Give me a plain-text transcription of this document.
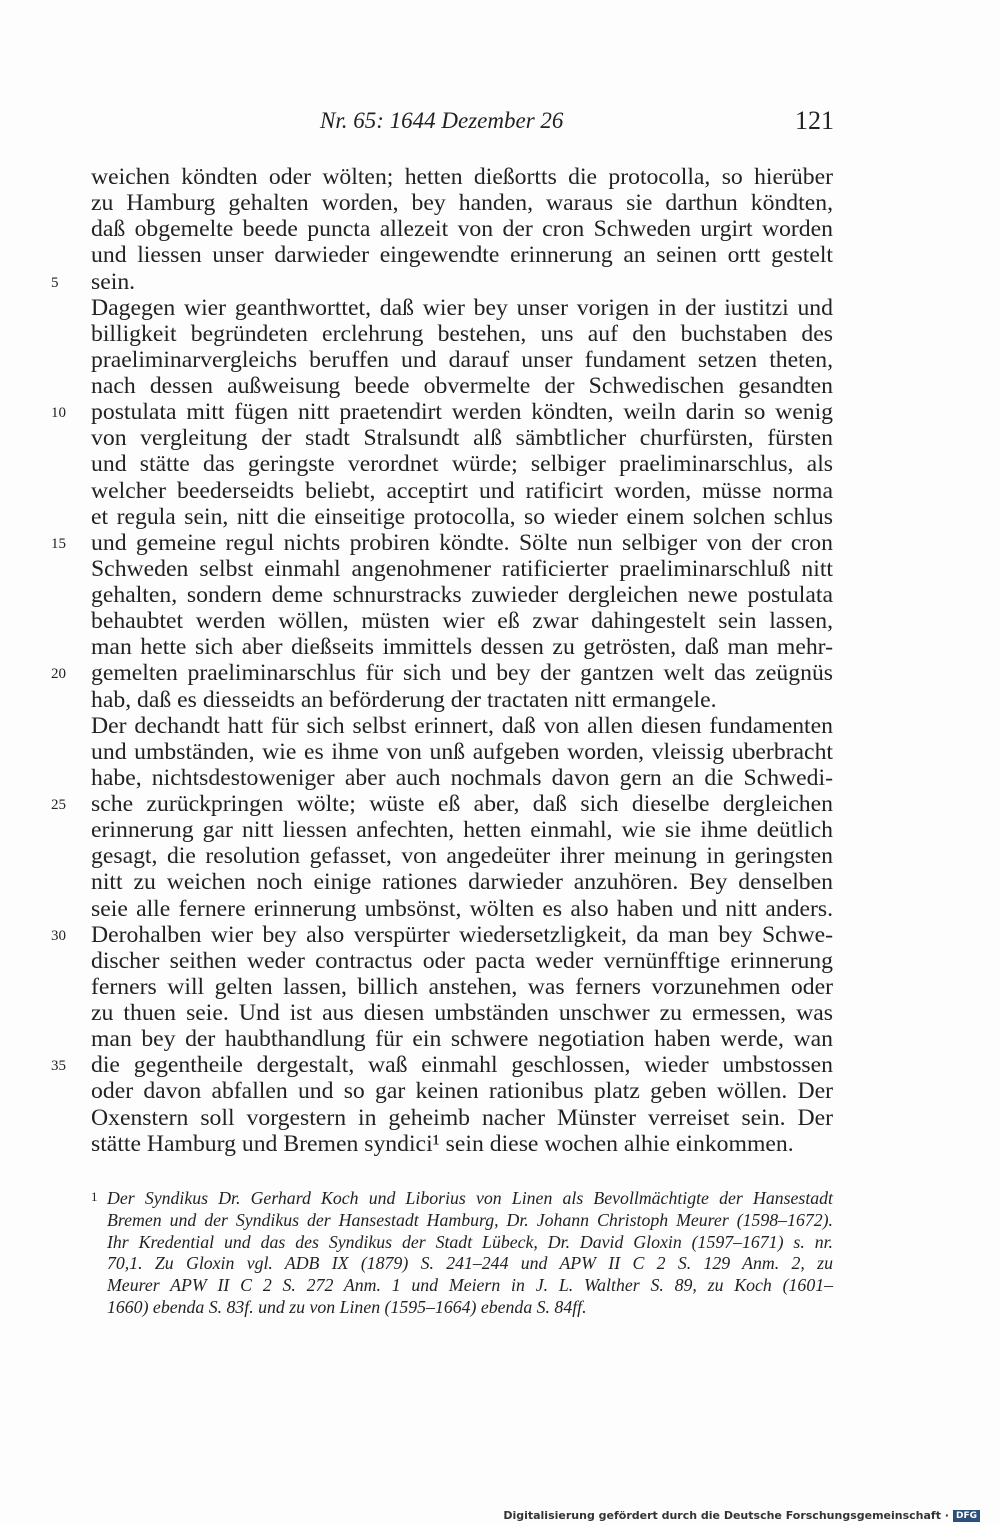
Nr. 65: 1644 Dezember 26	121
weichen köndten oder wölten; hetten dießortts die protocolla, so hierüber
zu Hamburg gehalten worden, bey handen, waraus sie darthun köndten,
daß obgemelte beede puncta allezeit von der cron Schweden urgirt worden
und liessen unser darwieder eingewendte erinnerung an seinen ortt gestelt
5 sein.
Dagegen wier geanthworttet, daß wier bey unser vorigen in der iustitzi und
billigkeit begründeten erclehrung bestehen, uns auf den buchstaben des
praeliminarvergleichs beruffen und darauf unser fundament setzen theten,
nach dessen außweisung beede obvermelte der Schwedischen gesandten
10 postulata mitt fügen nitt praetendirt werden köndten, weiln darin so wenig
von vergleitung der stadt Stralsundt alß sämbtlicher churfürsten, fürsten
und stätte das geringste verordnet würde; selbiger praeliminarschlus, als
welcher beederseidts beliebt, acceptirt und ratificirt worden, müsse norma
et regula sein, nitt die einseitige protocolla, so wieder einem solchen schlus
15 und gemeine regul nichts probiren köndte. Sölte nun selbiger von der cron
Schweden selbst einmahl angenohmener ratificierter praeliminarschluß nitt
gehalten, sondern deme schnurstracks zuwieder dergleichen newe postulata
behaubtet werden wöllen, müsten wier eß zwar dahingestelt sein lassen,
man hette sich aber dießseits immittels dessen zu getrösten, daß man mehr-
20 gemelten praeliminarschlus für sich und bey der gantzen welt das zeügnüs
hab, daß es diesseidts an beförderung der tractaten nitt ermangele.
Der dechandt hatt für sich selbst erinnert, daß von allen diesen fundamenten
und umbständen, wie es ihme von unß aufgeben worden, vleissig uberbracht
habe, nichtsdestoweniger aber auch nochmals davon gern an die Schwedi-
25 sche zurückpringen wölte; wüste eß aber, daß sich dieselbe dergleichen
erinnerung gar nitt liessen anfechten, hetten einmahl, wie sie ihme deütlich
gesagt, die resolution gefasset, von angedeüter ihrer meinung in geringsten
nitt zu weichen noch einige rationes darwieder anzuhören. Bey denselben
seie alle fernere erinnerung umbsönst, wölten es also haben und nitt anders.
30 Derohalben wier bey also verspürter wiedersetzligkeit, da man bey Schwe-
discher seithen weder contractus oder pacta weder vernünfftige erinnerung
ferners will gelten lassen, billich anstehen, was ferners vorzunehmen oder
zu thuen seie. Und ist aus diesen umbständen unschwer zu ermessen, was
man bey der haubthandlung für ein schwere negotiation haben werde, wan
35 die gegentheile dergestalt, waß einmahl geschlossen, wieder umbstossen
oder davon abfallen und so gar keinen rationibus platz geben wöllen. Der
Oxenstern soll vorgestern in geheimb nacher Münster verreiset sein. Der
stätte Hamburg und Bremen syndici¹ sein diese wochen alhie einkommen.
1 Der Syndikus Dr. Gerhard Koch und Liborius von Linen als Bevollmächtigte der Hansestadt
Bremen und der Syndikus der Hansestadt Hamburg, Dr. Johann Christoph Meurer (1598–1672).
Ihr Kredential und das des Syndikus der Stadt Lübeck, Dr. David Gloxin (1597–1671) s. nr.
70,1. Zu Gloxin vgl. ADB IX (1879) S. 241–244 und APW II C 2 S. 129 Anm. 2, zu
Meurer APW II C 2 S. 272 Anm. 1 und Meiern in J. L. Walther S. 89, zu Koch (1601–
1660) ebenda S. 83f. und zu von Linen (1595–1664) ebenda S. 84ff.
Digitalisierung gefördert durch die Deutsche Forschungsgemeinschaft · DFG
